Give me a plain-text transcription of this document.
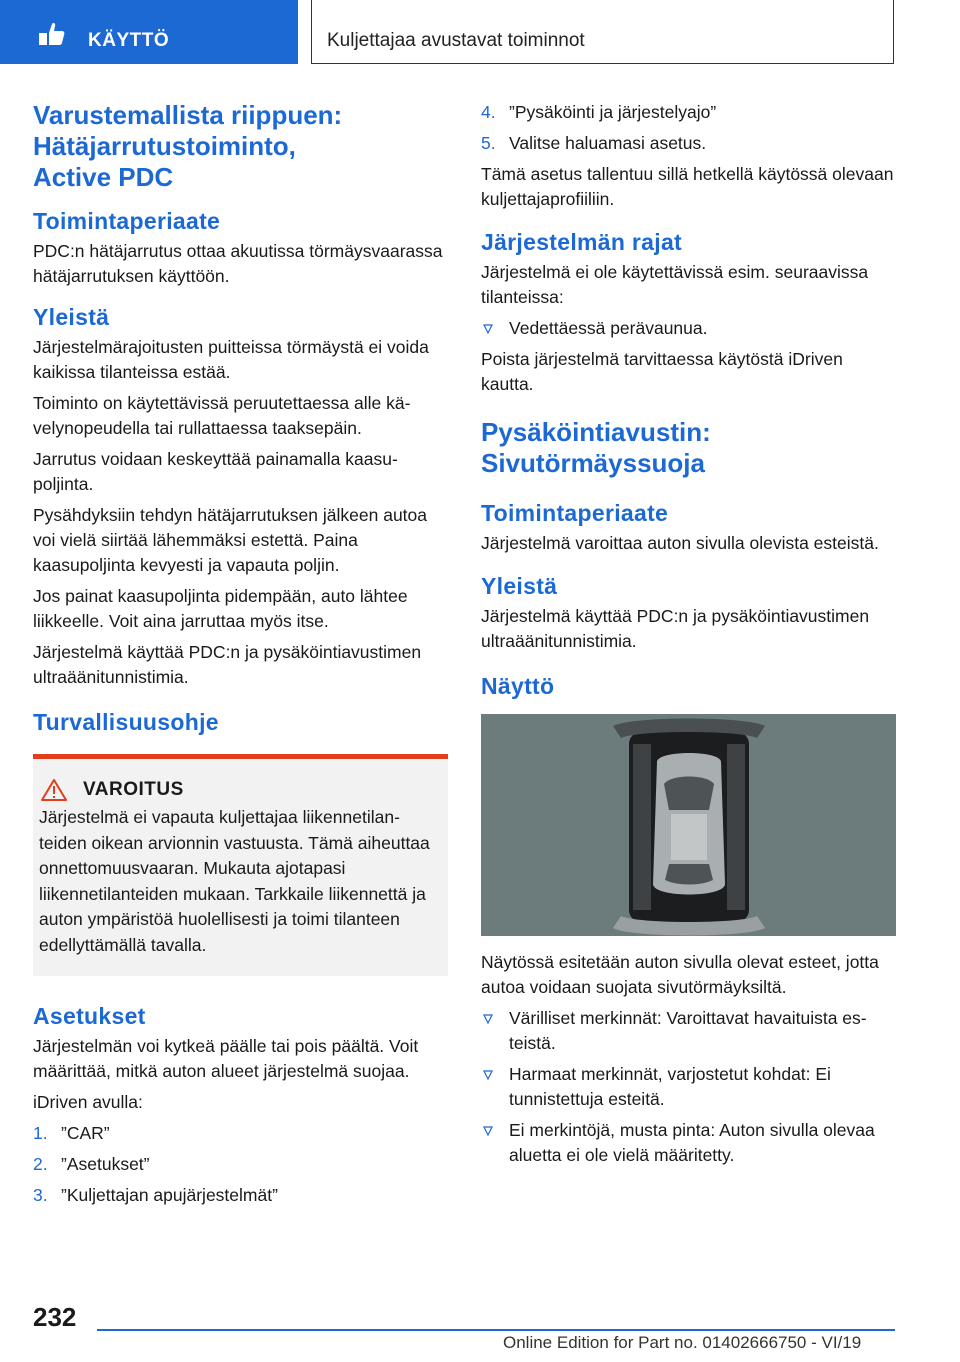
KÄYTTÖ	Kuljettajaa avustavat toiminnot
Varustemallista riippuen:
Hätäjarrutustoiminto,
Active PDC
Toimintaperiaate

PDC:n hätäjarrutus ottaa akuutissa törmäysvaarassa hätäjarrutuksen käyttöön.

Yleistä

Järjestelmärajoitusten puitteissa törmäystä ei voida kaikissa tilanteissa estää.

Toiminto on käytettävissä peruutettaessa alle kävelynopeudella tai rullattaessa taaksepäin.

Jarrutus voidaan keskeyttää painamalla kaasupoljinta.

Pysähdyksiin tehdyn hätäjarrutuksen jälkeen autoa voi vielä siirtää lähemmäksi estettä. Paina kaasupoljinta kevyesti ja vapauta poljin.

Jos painat kaasupoljinta pidempään, auto lähtee liikkeelle. Voit aina jarruttaa myös itse.

Järjestelmä käyttää PDC:n ja pysäköintiavustimen ultraäänitunnistimia.

Turvallisuusohje
VAROITUS

Järjestelmä ei vapauta kuljettajaa liikennetilanteiden oikean arvionnin vastuusta. Tämä aiheuttaa onnettomuusvaaran. Mukauta ajotapasi liikennetilanteiden mukaan. Tarkkaile liikennettä ja auton ympäristöä huolellisesti ja toimi tilanteen edellyttämällä tavalla.

Asetukset

Järjestelmän voi kytkeä päälle tai pois päältä. Voit määrittää, mitkä auton alueet järjestelmä suojaa.

iDriven avulla:

1. ”CAR”
2. ”Asetukset”
3. ”Kuljettajan apujärjestelmät”
4. ”Pysäköinti ja järjestelyajo”
5. Valitse haluamasi asetus.

Tämä asetus tallentuu sillä hetkellä käytössä olevaan kuljettajaprofiiliin.

Järjestelmän rajat

Järjestelmä ei ole käytettävissä esim. seuraavissa tilanteissa:

Vedettäessä perävaunua.

Poista järjestelmä tarvittaessa käytöstä iDriven kautta.

Pysäköintiavustin:
Sivutörmäyssuoja
Toimintaperiaate

Järjestelmä varoittaa auton sivulla olevista esteistä.

Yleistä

Järjestelmä käyttää PDC:n ja pysäköintiavustimen ultraäänitunnistimia.

Näyttö

Näytössä esitetään auton sivulla olevat esteet, jotta autoa voidaan suojata sivutörmäyksiltä.

Värilliset merkinnät: Varoittavat havaituista esteistä.
Harmaat merkinnät, varjostetut kohdat: Ei tunnistettuja esteitä.
Ei merkintöjä, musta pinta: Auton sivulla olevaa aluetta ei ole vielä määritetty.
232
Online Edition for Part no. 01402666750 - VI/19
